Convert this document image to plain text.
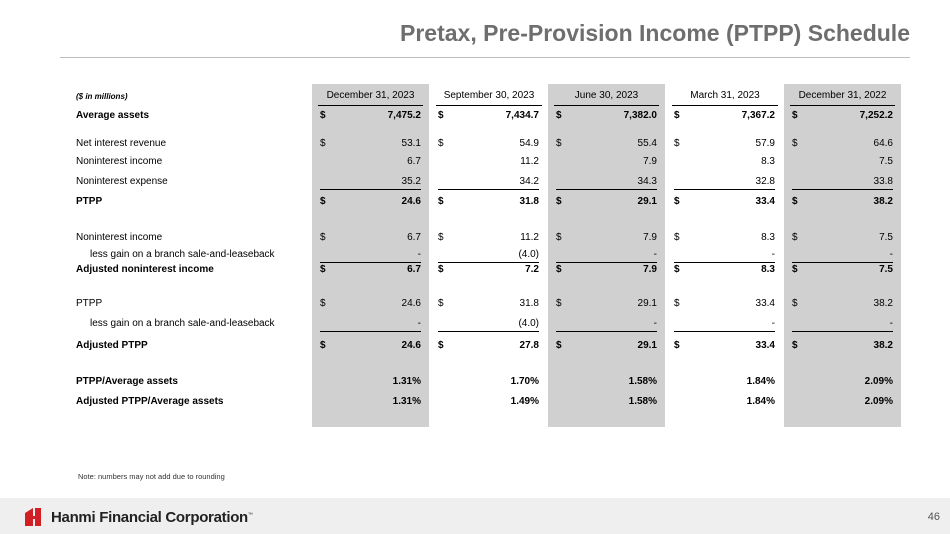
Pretax, Pre-Provision Income (PTPP) Schedule
($ in millions)	December 31, 2023	September 30, 2023	June 30, 2023	March 31, 2023	December 31, 2022
Average assets	$	7,475.2 $	7,434.7 $	7,382.0 $	7,367.2 $	7,252.2
Net interest revenue	$	53.1 $	54.9 $	55.4 $	57.9 $	64.6
Noninterest income	6.7	11.2	7.9	8.3	7.5
Noninterest expense	35.2	34.2	34.3	32.8	33.8
PTPP	$	24.6 $	31.8 $	29.1 $	33.4 $	38.2
Noninterest income	$	6.7 $	11.2 $	7.9 $	8.3 $	7.5
less gain on a branch sale-and-leaseback	-	(4.0)	-	-	-
Adjusted noninterest income	$	6.7 $	7.2 $	7.9 $	8.3 $	7.5
PTPP	$	24.6 $	31.8 $	29.1 $	33.4 $	38.2
less gain on a branch sale-and-leaseback	-	(4.0)	-	-	-
Adjusted PTPP	$	24.6 $	27.8 $	29.1 $	33.4 $	38.2
PTPP/Average assets	1.31%	1.70%	1.58%	1.84%	2.09%
Adjusted PTPP/Average assets	1.31%	1.49%	1.58%	1.84%	2.09%
Note: numbers may not add due to rounding
Hanmi Financial Corporation™	46
